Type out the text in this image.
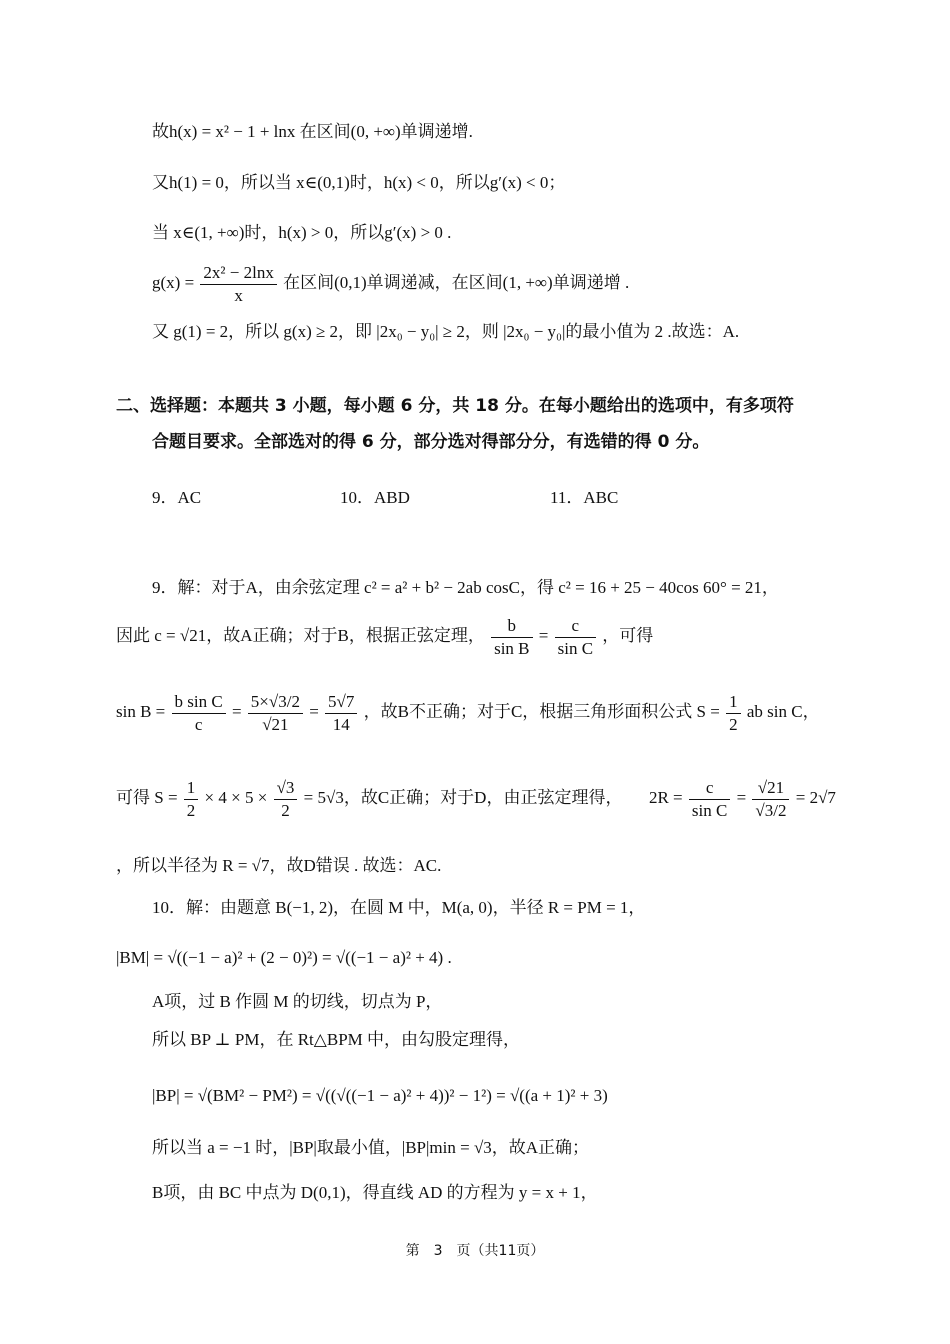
故h(x) = x² − 1 + lnx 在区间(0, +∞)单调递增.
又h(1) = 0，所以当 x∈(0,1)时，h(x) < 0，所以g′(x) < 0；
当 x∈(1, +∞)时，h(x) > 0，所以g′(x) > 0 .
$g(x) = \frac{\text{2x² − 2lnx}}{x}$ 在区间(0,1)单调递减，在区间(1, +∞)单调递增 .
又 g(1) = 2，所以 g(x) ≥ 2，即 |2x₀ − y₀| ≥ 2，则 |2x₀ − y₀|的最小值为 2 .故选：A.
二、选择题：本题共 3 小题，每小题 6 分，共 18 分。在每小题给出的选项中，有多项符
合题目要求。全部选对的得 6 分，部分选对得部分分，有选错的得 0 分。
9．AC	10．ABD	11．ABC
9．解：对于A，由余弦定理 c² = a² + b² − 2ab cosC，得 c² = 16 + 25 − 40cos 60° = 21，
因此 c = √21，故A正确；对于B，根据正弦定理， $\frac{b}{\text{sin B}} = \frac{c}{\text{sin C}}$ ，可得
$\sin B = \frac{\text{b sin C}}{c} = \frac{5\times√3/2}{√21} = \frac{5√7}{14}$ ，故B不正确；对于C，根据三角形面积公式 $S = \frac{1}{2}$ ab sin C，
可得 $S = \frac{1}{2} \times 4 \times 5 \times \frac{√3}{2} = 5√3$，故C正确；对于D，由正弦定理得， $2R = \frac{c}{\text{sin C}} = \frac{√21}{√3/2} = 2√7$
，所以半径为 R = √7，故D错误 . 故选：AC.
10．解：由题意 B(−1, 2)，在圆 M 中，M(a, 0)，半径 R = PM = 1，
|BM| = √((−1 − a)² + (2 − 0)²) = √((−1 − a)² + 4) .
A项，过 B 作圆 M 的切线，切点为 P，
所以 BP ⊥ PM，在 Rt△BPM 中，由勾股定理得，
|BP| = √(BM² − PM²) = √((√((−1 − a)² + 4))² − 1²) = √((a + 1)² + 3)
所以当 a = −1 时，|BP|取最小值，|BP|min = √3，故A正确；
B项，由 BC 中点为 D(0,1)，得直线 AD 的方程为 y = x + 1，
第　3　页（共11页）
